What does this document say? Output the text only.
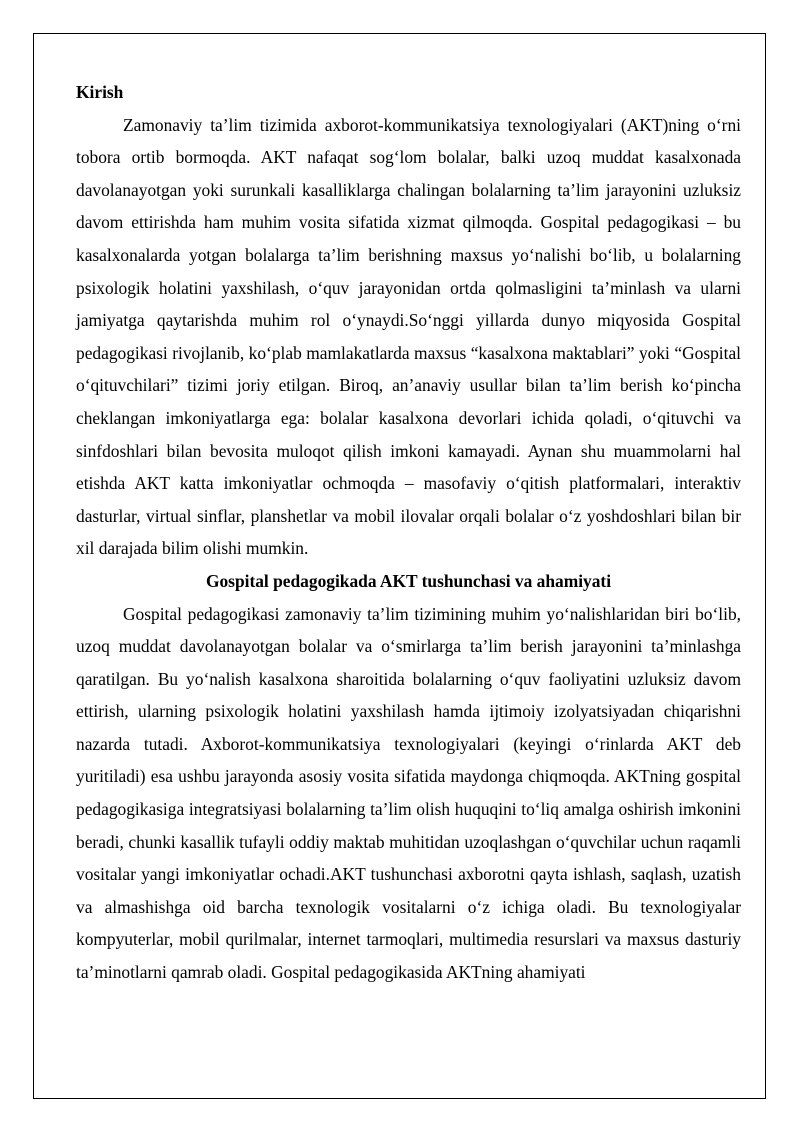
Kirish

Zamonaviy ta’lim tizimida axborot-kommunikatsiya texnologiyalari (AKT)ning o‘rni tobora ortib bormoqda. AKT nafaqat sog‘lom bolalar, balki uzoq muddat kasalxonada davolanayotgan yoki surunkali kasalliklarga chalingan bolalarning ta’lim jarayonini uzluksiz davom ettirishda ham muhim vosita sifatida xizmat qilmoqda. Gospital pedagogikasi – bu kasalxonalarda yotgan bolalarga ta’lim berishning maxsus yo‘nalishi bo‘lib, u bolalarning psixologik holatini yaxshilash, o‘quv jarayonidan ortda qolmasligini ta’minlash va ularni jamiyatga qaytarishda muhim rol o‘ynaydi.So‘nggi yillarda dunyo miqyosida Gospital pedagogikasi rivojlanib, ko‘plab mamlakatlarda maxsus “kasalxona maktablari” yoki “Gospital o‘qituvchilari” tizimi joriy etilgan. Biroq, an’anaviy usullar bilan ta’lim berish ko‘pincha cheklangan imkoniyatlarga ega: bolalar kasalxona devorlari ichida qoladi, o‘qituvchi va sinfdoshlari bilan bevosita muloqot qilish imkoni kamayadi. Aynan shu muammolarni hal etishda AKT katta imkoniyatlar ochmoqda – masofaviy o‘qitish platformalari, interaktiv dasturlar, virtual sinflar, planshetlar va mobil ilovalar orqali bolalar o‘z yoshdoshlari bilan bir xil darajada bilim olishi mumkin.

Gospital pedagogikada AKT tushunchasi va ahamiyati

Gospital pedagogikasi zamonaviy ta’lim tizimining muhim yo‘nalishlaridan biri bo‘lib, uzoq muddat davolanayotgan bolalar va o‘smirlarga ta’lim berish jarayonini ta’minlashga qaratilgan. Bu yo‘nalish kasalxona sharoitida bolalarning o‘quv faoliyatini uzluksiz davom ettirish, ularning psixologik holatini yaxshilash hamda ijtimoiy izolyatsiyadan chiqarishni nazarda tutadi. Axborot-kommunikatsiya texnologiyalari (keyingi o‘rinlarda AKT deb yuritiladi) esa ushbu jarayonda asosiy vosita sifatida maydonga chiqmoqda. AKTning gospital pedagogikasiga integratsiyasi bolalarning ta’lim olish huquqini to‘liq amalga oshirish imkonini beradi, chunki kasallik tufayli oddiy maktab muhitidan uzoqlashgan o‘quvchilar uchun raqamli vositalar yangi imkoniyatlar ochadi.AKT tushunchasi axborotni qayta ishlash, saqlash, uzatish va almashishga oid barcha texnologik vositalarni o‘z ichiga oladi. Bu texnologiyalar kompyuterlar, mobil qurilmalar, internet tarmoqlari, multimedia resurslari va maxsus dasturiy ta’minotlarni qamrab oladi. Gospital pedagogikasida AKTning ahamiyati
